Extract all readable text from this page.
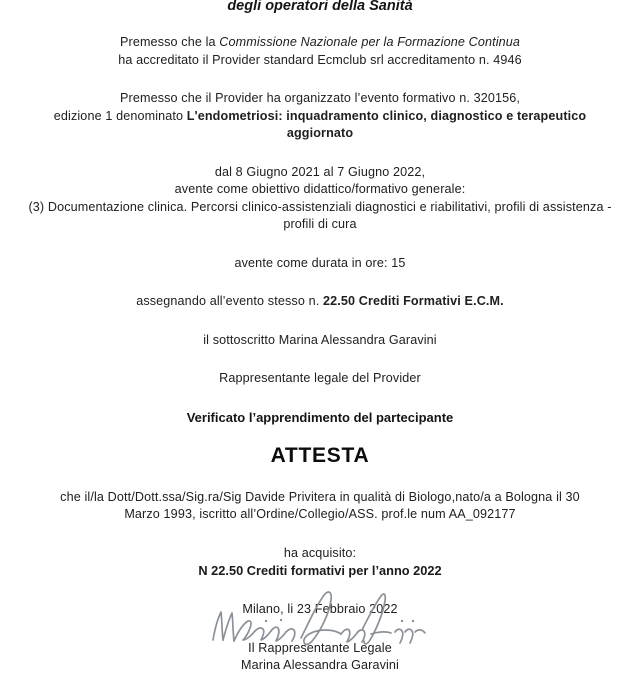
degli operatori della Sanità
Premesso che la Commissione Nazionale per la Formazione Continua
ha accreditato il Provider standard Ecmclub srl accreditamento n. 4946
Premesso che il Provider ha organizzato l’evento formativo n. 320156,
edizione 1 denominato L'endometriosi: inquadramento clinico, diagnostico e terapeutico aggiornato
dal 8 Giugno 2021 al 7 Giugno 2022,
avente come obiettivo didattico/formativo generale:
(3) Documentazione clinica. Percorsi clinico-assistenziali diagnostici e riabilitativi, profili di assistenza - profili di cura
avente come durata in ore: 15
assegnando all’evento stesso n. 22.50 Crediti Formativi E.C.M.
il sottoscritto Marina Alessandra Garavini
Rappresentante legale del Provider
Verificato l’apprendimento del partecipante
ATTESTA
che il/la Dott/Dott.ssa/Sig.ra/Sig Davide Privitera in qualità di Biologo,nato/a a Bologna il 30
Marzo 1993, iscritto all’Ordine/Collegio/ASS. prof.le num AA_092177
ha acquisito:
N 22.50 Crediti formativi per l’anno 2022
Milano, li 23 Febbraio 2022
Il Rappresentante Legale
Marina Alessandra Garavini
